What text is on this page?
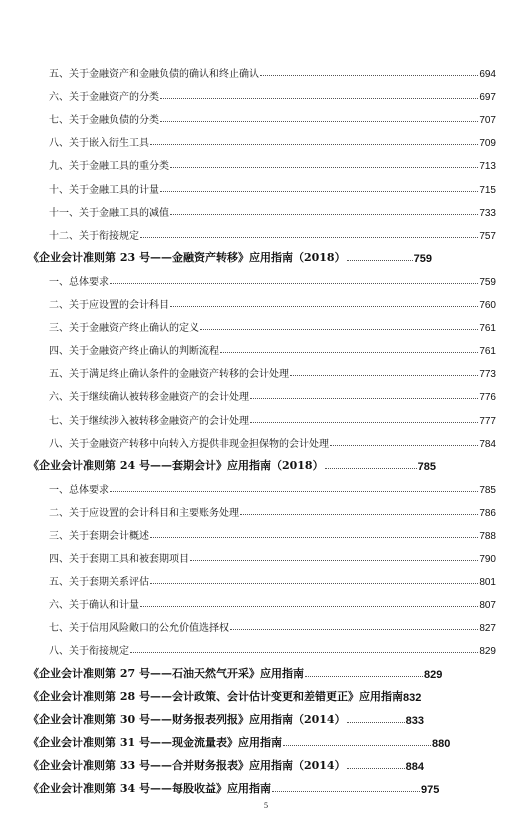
五、关于金融资产和金融负债的确认和终止确认	694
六、关于金融资产的分类	697
七、关于金融负债的分类	707
八、关于嵌入衍生工具	709
九、关于金融工具的重分类	713
十、关于金融工具的计量	715
十一、关于金融工具的减值	733
十二、关于衔接规定	757
《企业会计准则第 23 号——金融资产转移》应用指南（2018）	759
一、总体要求	759
二、关于应设置的会计科目	760
三、关于金融资产终止确认的定义	761
四、关于金融资产终止确认的判断流程	761
五、关于满足终止确认条件的金融资产转移的会计处理	773
六、关于继续确认被转移金融资产的会计处理	776
七、关于继续涉入被转移金融资产的会计处理	777
八、关于金融资产转移中向转入方提供非现金担保物的会计处理	784
《企业会计准则第 24 号——套期会计》应用指南（2018）	785
一、总体要求	785
二、关于应设置的会计科目和主要账务处理	786
三、关于套期会计概述	788
四、关于套期工具和被套期项目	790
五、关于套期关系评估	801
六、关于确认和计量	807
七、关于信用风险敞口的公允价值选择权	827
八、关于衔接规定	829
《企业会计准则第 27 号——石油天然气开采》应用指南	829
《企业会计准则第 28 号——会计政策、会计估计变更和差错更正》应用指南 832
《企业会计准则第 30 号——财务报表列报》应用指南（2014）	833
《企业会计准则第 31 号——现金流量表》应用指南	880
《企业会计准则第 33 号——合并财务报表》应用指南（2014）	884
《企业会计准则第 34 号——每股收益》应用指南	975
5
